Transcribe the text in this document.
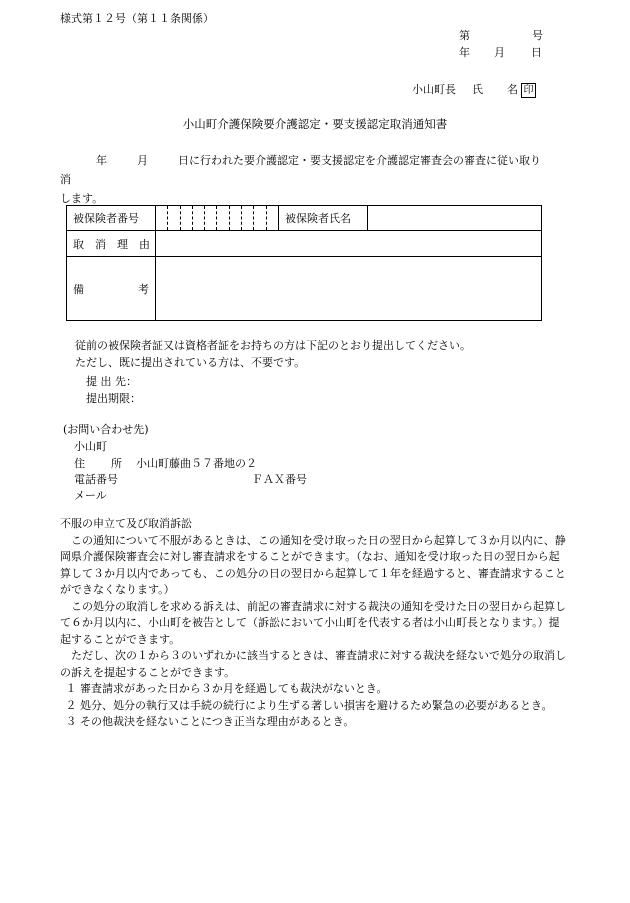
様式第１２号（第１１条関係）
第	号
年 月 日
小山町長 氏 名 印
小山町介護保険要介護認定・要支援認定取消通知書
年	月	日に行われた要介護認定・要支援認定を介護認定審査会の審査に従い取り消
します。
被保険者番号		被保険者氏名	
取　消　理　由			

備 考			

従前の被保険者証又は資格者証をお持ちの方は下記のとおり提出してください。
ただし、既に提出されている方は、不要です。
提 出 先：
提出期限：
(お問い合わせ先)
小山町
住 所 小山町藤曲５７番地の２
電話番号	ＦＡＸ番号
メール

不服の申立て及び取消訴訟

この通知について不服があるときは、この通知を受け取った日の翌日から起算して３か月以内に、静岡県介護保険審査会に対し審査請求をすることができます。（なお、通知を受け取った日の翌日から起算して３か月以内であっても、この処分の日の翌日から起算して１年を経過すると、審査請求することができなくなります。）

この処分の取消しを求める訴えは、前記の審査請求に対する裁決の通知を受けた日の翌日から起算して６か月以内に、小山町を被告として（訴訟において小山町を代表する者は小山町長となります。）提起することができます。

ただし、次の１から３のいずれかに該当するときは、審査請求に対する裁決を経ないで処分の取消しの訴えを提起することができます。

１ 審査請求があった日から３か月を経過しても裁決がないとき。

２ 処分、処分の執行又は手続の続行により生ずる著しい損害を避けるため緊急の必要があるとき。

３ その他裁決を経ないことにつき正当な理由があるとき。
